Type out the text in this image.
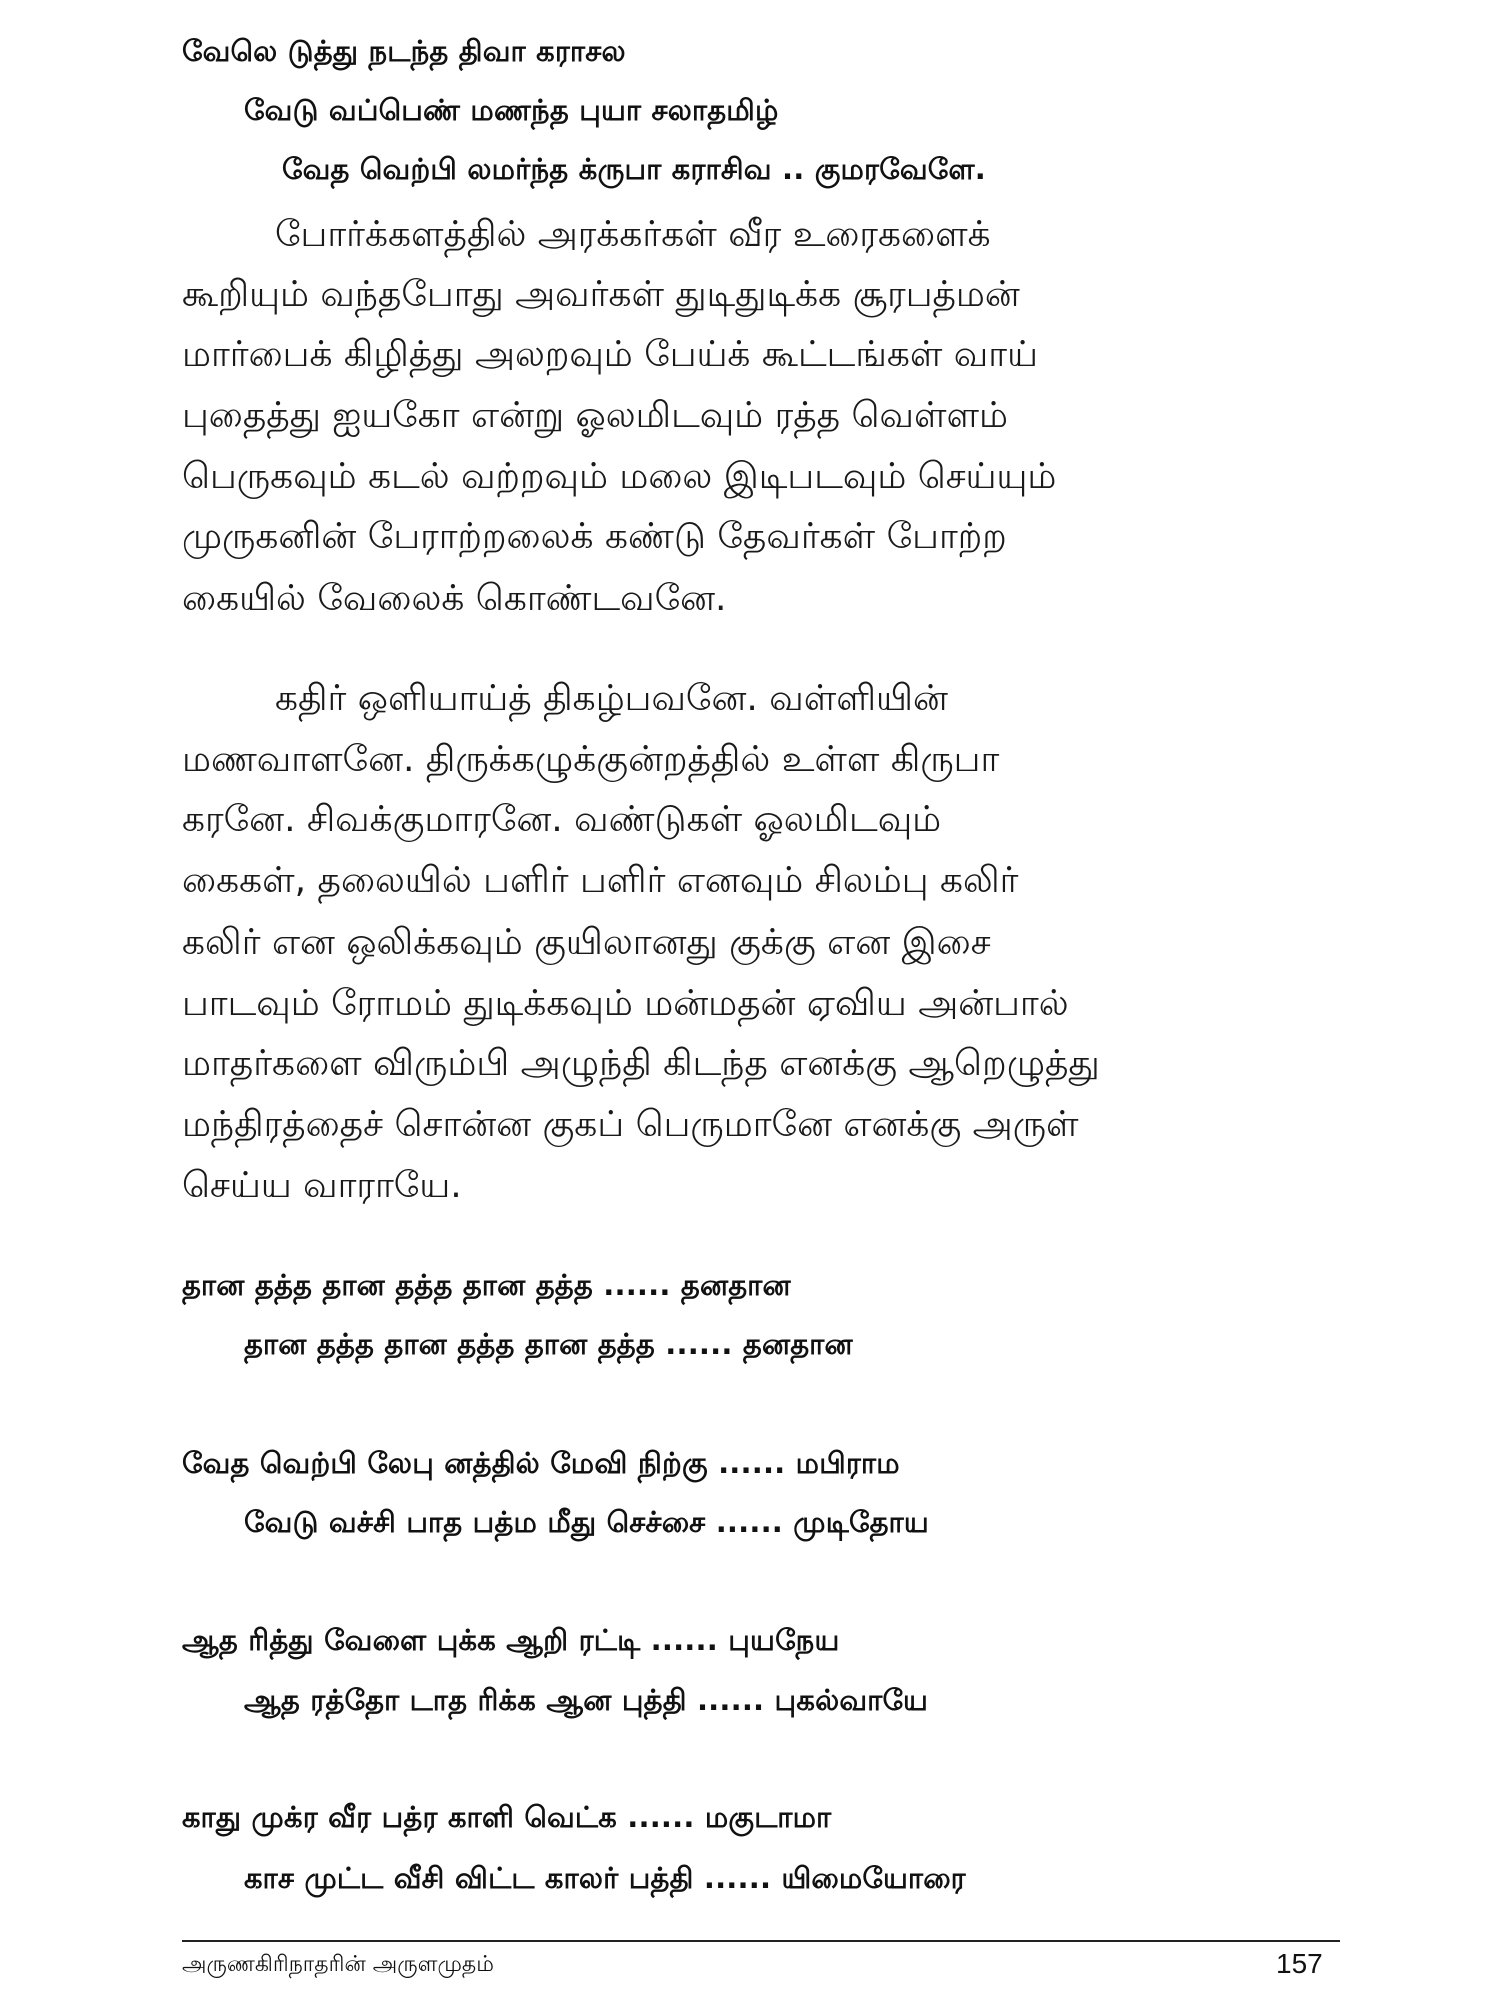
வேலெ டுத்து நடந்த திவா கராசல
வேடு வப்பெண் மணந்த புயா சலாதமிழ்
வேத வெற்பி லமர்ந்த க்ருபா கராசிவ .. குமரவேளே.
போர்க்களத்தில் அரக்கர்கள் வீர உரைகளைக்
கூறியும் வந்தபோது அவர்கள் துடிதுடிக்க சூரபத்மன்
மார்பைக் கிழித்து அலறவும் பேய்க் கூட்டங்கள் வாய்
புதைத்து ஐயகோ என்று ஓலமிடவும் ரத்த வெள்ளம்
பெருகவும் கடல் வற்றவும் மலை இடிபடவும் செய்யும்
முருகனின் பேராற்றலைக் கண்டு தேவர்கள் போற்ற
கையில் வேலைக் கொண்டவனே.
கதிர் ஒளியாய்த் திகழ்பவனே. வள்ளியின்
மணவாளனே. திருக்கழுக்குன்றத்தில் உள்ள கிருபா
கரனே. சிவக்குமாரனே. வண்டுகள் ஓலமிடவும்
கைகள், தலையில் பளிர் பளிர் எனவும் சிலம்பு கலிர்
கலிர் என ஒலிக்கவும் குயிலானது குக்கு என இசை
பாடவும் ரோமம் துடிக்கவும் மன்மதன் ஏவிய அன்பால்
மாதர்களை விரும்பி அழுந்தி கிடந்த எனக்கு ஆறெழுத்து
மந்திரத்தைச் சொன்ன குகப் பெருமானே எனக்கு அருள்
செய்ய வாராயே.
தான தத்த தான தத்த தான தத்த ...... தனதான
தான தத்த தான தத்த தான தத்த ...... தனதான
வேத வெற்பி லேபு னத்தில் மேவி நிற்கு ...... மபிராம
வேடு வச்சி பாத பத்ம மீது செச்சை ...... முடிதோய
ஆத ரித்து வேளை புக்க ஆறி ரட்டி ...... புயநேய
ஆத ரத்தோ டாத ரிக்க ஆன புத்தி ...... புகல்வாயே
காது முக்ர வீர பத்ர காளி வெட்க ...... மகுடாமா
காச முட்ட வீசி விட்ட காலர் பத்தி ...... யிமையோரை
அருணகிரிநாதரின் அருளமுதம்	157
